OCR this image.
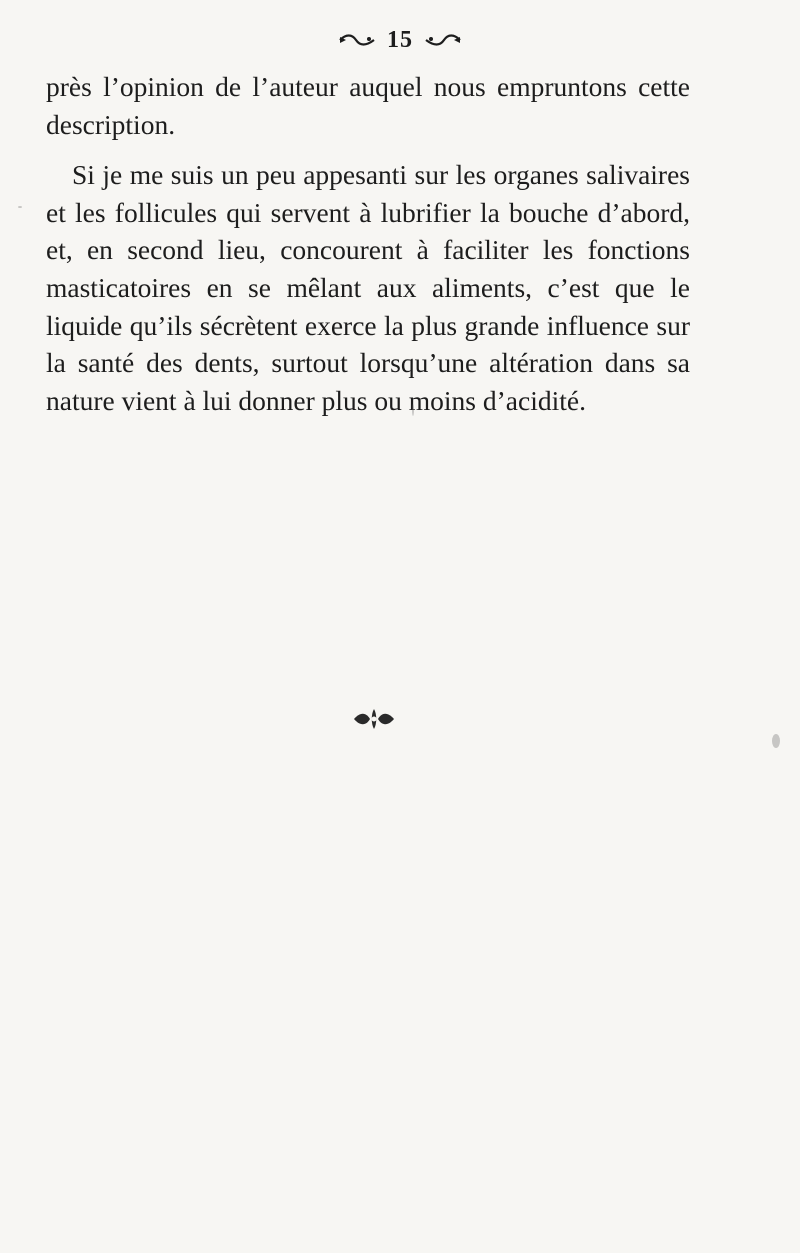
15

près l’opinion de l’auteur auquel nous empruntons cette description.

Si je me suis un peu appesanti sur les organes salivaires et les follicules qui servent à lubrifier la bouche d’abord, et, en second lieu, concourent à faciliter les fonctions masticatoires en se mêlant aux aliments, c’est que le liquide qu’ils sécrètent exerce la plus grande influence sur la santé des dents, surtout lorsqu’une altération dans sa nature vient à lui donner plus ou moins d’acidité.
